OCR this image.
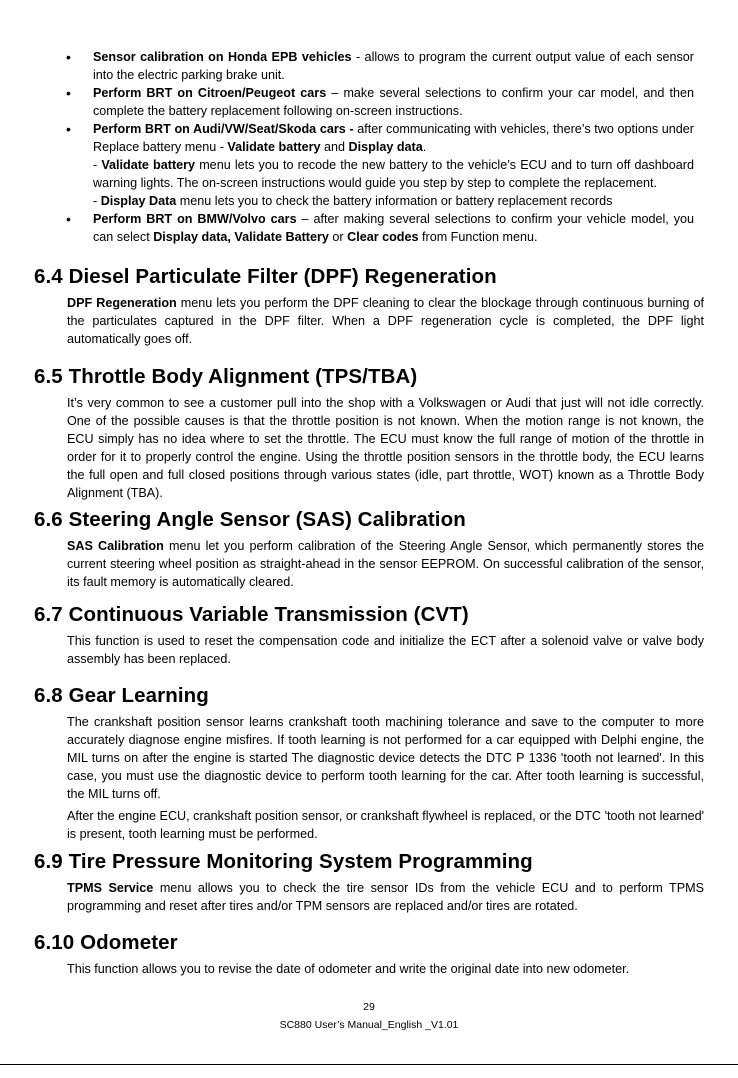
• Sensor calibration on Honda EPB vehicles - allows to program the current output value of each sensor into the electric parking brake unit.
• Perform BRT on Citroen/Peugeot cars – make several selections to confirm your car model, and then complete the battery replacement following on-screen instructions.
• Perform BRT on Audi/VW/Seat/Skoda cars - after communicating with vehicles, there’s two options under Replace battery menu - Validate battery and Display data.
- Validate battery menu lets you to recode the new battery to the vehicle’s ECU and to turn off dashboard warning lights. The on-screen instructions would guide you step by step to complete the replacement.
- Display Data menu lets you to check the battery information or battery replacement records
• Perform BRT on BMW/Volvo cars – after making several selections to confirm your vehicle model, you can select Display data, Validate Battery or Clear codes from Function menu.
6.4 Diesel Particulate Filter (DPF) Regeneration

DPF Regeneration menu lets you perform the DPF cleaning to clear the blockage through continuous burning of the particulates captured in the DPF filter. When a DPF regeneration cycle is completed, the DPF light automatically goes off.

6.5 Throttle Body Alignment (TPS/TBA)

It’s very common to see a customer pull into the shop with a Volkswagen or Audi that just will not idle correctly. One of the possible causes is that the throttle position is not known. When the motion range is not known, the ECU simply has no idea where to set the throttle. The ECU must know the full range of motion of the throttle in order for it to properly control the engine. Using the throttle position sensors in the throttle body, the ECU learns the full open and full closed positions through various states (idle, part throttle, WOT) known as a Throttle Body Alignment (TBA).

6.6 Steering Angle Sensor (SAS) Calibration

SAS Calibration menu let you perform calibration of the Steering Angle Sensor, which permanently stores the current steering wheel position as straight-ahead in the sensor EEPROM. On successful calibration of the sensor, its fault memory is automatically cleared.

6.7 Continuous Variable Transmission (CVT)

This function is used to reset the compensation code and initialize the ECT after a solenoid valve or valve body assembly has been replaced.

6.8 Gear Learning

The crankshaft position sensor learns crankshaft tooth machining tolerance and save to the computer to more accurately diagnose engine misfires. If tooth learning is not performed for a car equipped with Delphi engine, the MIL turns on after the engine is started The diagnostic device detects the DTC P 1336 'tooth not learned'. In this case, you must use the diagnostic device to perform tooth learning for the car. After tooth learning is successful, the MIL turns off.

After the engine ECU, crankshaft position sensor, or crankshaft flywheel is replaced, or the DTC 'tooth not learned' is present, tooth learning must be performed.

6.9 Tire Pressure Monitoring System Programming

TPMS Service menu allows you to check the tire sensor IDs from the vehicle ECU and to perform TPMS programming and reset after tires and/or TPM sensors are replaced and/or tires are rotated.

6.10 Odometer

This function allows you to revise the date of odometer and write the original date into new odometer.

29
SC880 User’s Manual_English _V1.01
